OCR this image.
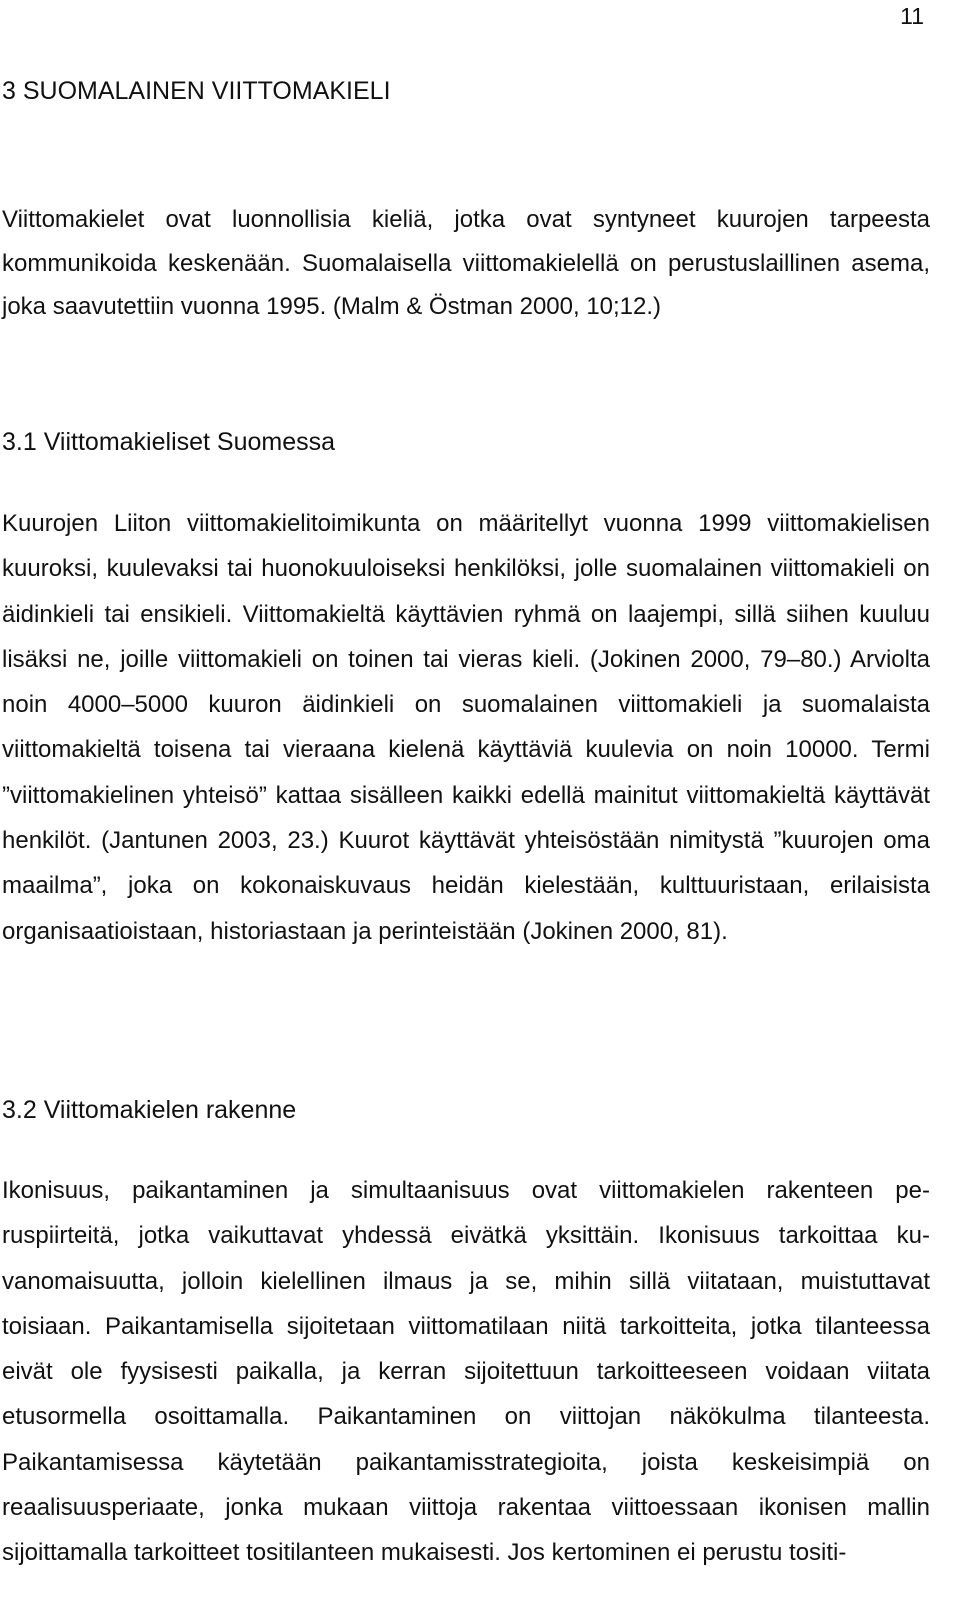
11
3 SUOMALAINEN VIITTOMAKIELI

Viittomakielet ovat luonnollisia kieliä, jotka ovat syntyneet kuurojen tarpeesta kommunikoida keskenään. Suomalaisella viittomakielellä on perustuslaillinen asema, joka saavutettiin vuonna 1995. (Malm & Östman 2000, 10;12.)

3.1 Viittomakieliset Suomessa

Kuurojen Liiton viittomakielitoimikunta on määritellyt vuonna 1999 viittomakielisen kuuroksi, kuulevaksi tai huonokuuloiseksi henkilöksi, jolle suomalainen viittomakieli on äidinkieli tai ensikieli. Viittomakieltä käyttävien ryhmä on laajempi, sillä siihen kuuluu lisäksi ne, joille viittomakieli on toinen tai vieras kieli. (Jokinen 2000, 79–80.) Arviolta noin 4000–5000 kuuron äidinkieli on suomalainen viittomakieli ja suomalaista viittomakieltä toisena tai vieraana kielenä käyttäviä kuulevia on noin 10000. Termi ”viittomakielinen yhteisö” kattaa sisälleen kaikki edellä mainitut viittomakieltä käyttävät henkilöt. (Jantunen 2003, 23.) Kuurot käyttävät yhteisöstään nimitystä ”kuurojen oma maailma”, joka on kokonaiskuvaus heidän kielestään, kulttuuristaan, erilaisista organisaatioistaan, historiastaan ja perinteistään (Jokinen 2000, 81).

3.2 Viittomakielen rakenne

Ikonisuus, paikantaminen ja simultaanisuus ovat viittomakielen rakenteen peruspiirteitä, jotka vaikuttavat yhdessä eivätkä yksittäin. Ikonisuus tarkoittaa kuvanomaisuutta, jolloin kielellinen ilmaus ja se, mihin sillä viitataan, muistuttavat toisiaan. Paikantamisella sijoitetaan viittomatilaan niitä tarkoitteita, jotka tilanteessa eivät ole fyysisesti paikalla, ja kerran sijoitettuun tarkoitteeseen voidaan viitata etusormella osoittamalla. Paikantaminen on viittojan näkökulma tilanteesta. Paikantamisessa käytetään paikantamisstrategioita, joista keskeisimpiä on reaalisuusperiaate, jonka mukaan viittoja rakentaa viittoessaan ikonisen mallin sijoittamalla tarkoitteet tositilanteen mukaisesti. Jos kertominen ei perustu tositi-
